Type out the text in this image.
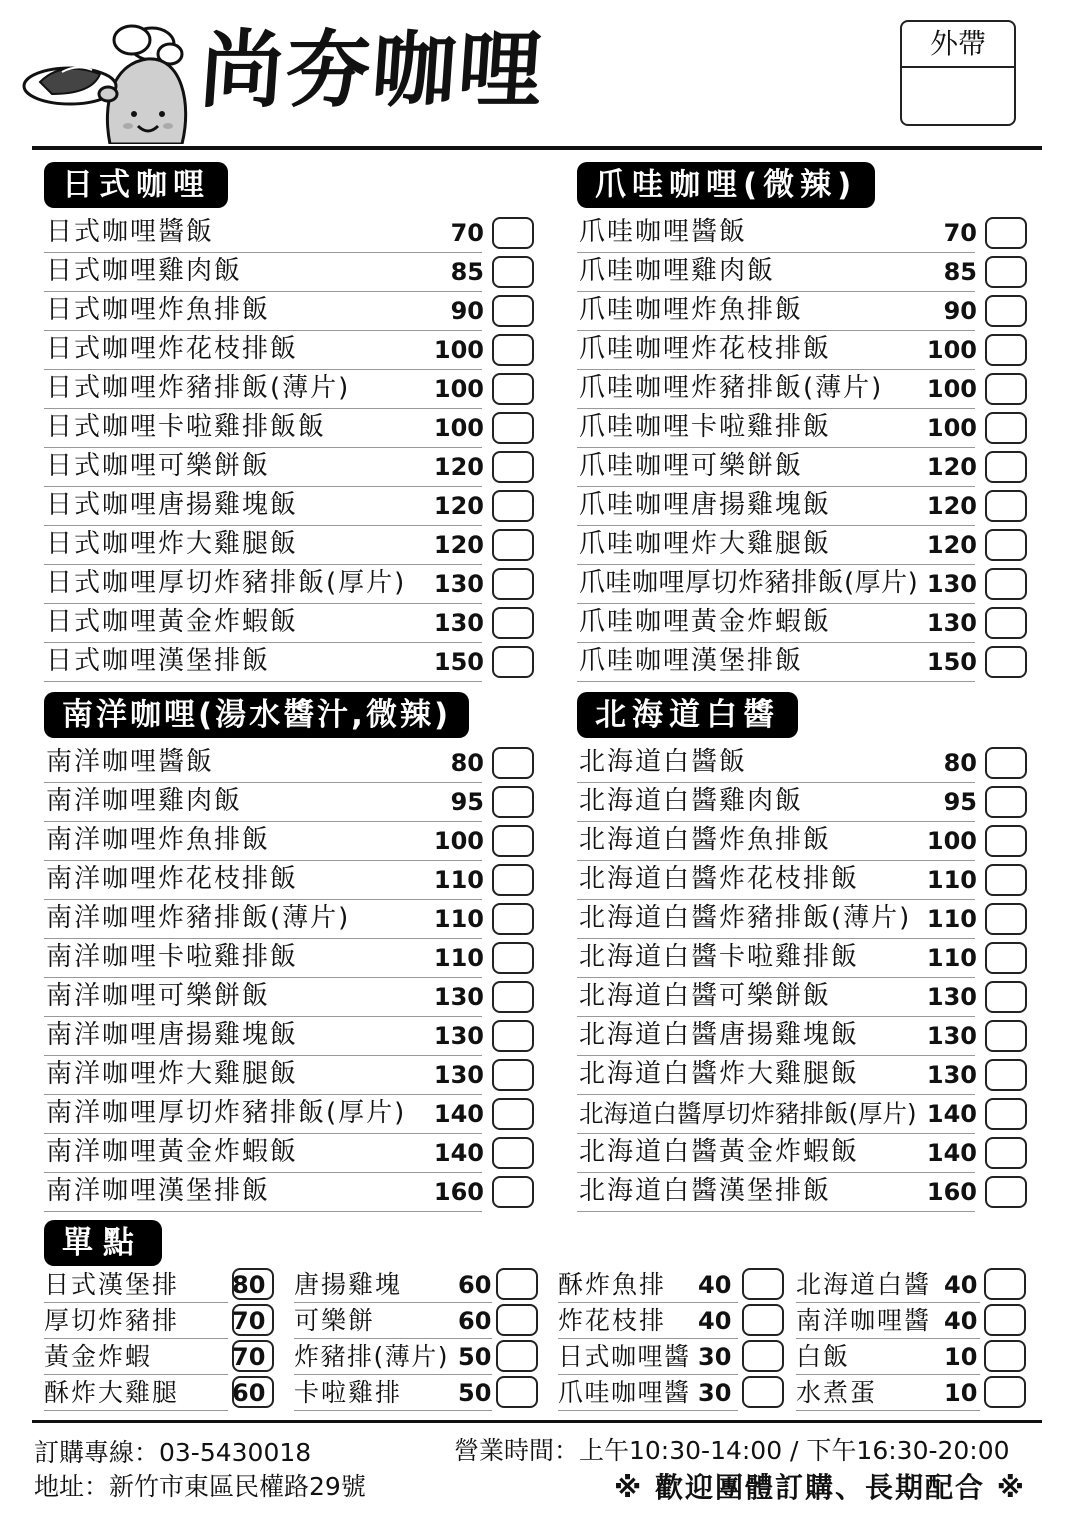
尚夯咖哩	外帶
日式咖哩
日式咖哩醬飯	70
日式咖哩雞肉飯	85
日式咖哩炸魚排飯	90
日式咖哩炸花枝排飯	100
日式咖哩炸豬排飯(薄片)	100
日式咖哩卡啦雞排飯飯	100
日式咖哩可樂餅飯	120
日式咖哩唐揚雞塊飯	120
日式咖哩炸大雞腿飯	120
日式咖哩厚切炸豬排飯(厚片) 130
日式咖哩黃金炸蝦飯	130
日式咖哩漢堡排飯	150
爪哇咖哩(微辣)
爪哇咖哩醬飯	70
爪哇咖哩雞肉飯	85
爪哇咖哩炸魚排飯	90
爪哇咖哩炸花枝排飯	100
爪哇咖哩炸豬排飯(薄片) 100
爪哇咖哩卡啦雞排飯	100
爪哇咖哩可樂餅飯	120
爪哇咖哩唐揚雞塊飯	120
爪哇咖哩炸大雞腿飯	120
爪哇咖哩厚切炸豬排飯(厚片) 130
爪哇咖哩黃金炸蝦飯	130
爪哇咖哩漢堡排飯	150
南洋咖哩(湯水醬汁,微辣)
南洋咖哩醬飯	80
南洋咖哩雞肉飯	95
南洋咖哩炸魚排飯	100
南洋咖哩炸花枝排飯	110
南洋咖哩炸豬排飯(薄片)	110
南洋咖哩卡啦雞排飯	110
南洋咖哩可樂餅飯	130
南洋咖哩唐揚雞塊飯	130
南洋咖哩炸大雞腿飯	130
南洋咖哩厚切炸豬排飯(厚片) 140
南洋咖哩黃金炸蝦飯	140
南洋咖哩漢堡排飯	160
北海道白醬
北海道白醬飯	80
北海道白醬雞肉飯	95
北海道白醬炸魚排飯	100
北海道白醬炸花枝排飯	110
北海道白醬炸豬排飯(薄片) 110
北海道白醬卡啦雞排飯	110
北海道白醬可樂餅飯	130
北海道白醬唐揚雞塊飯	130
北海道白醬炸大雞腿飯	130
北海道白醬厚切炸豬排飯(厚片) 140
北海道白醬黃金炸蝦飯	140
北海道白醬漢堡排飯	160
單點
日式漢堡排 80
厚切炸豬排 70
黃金炸蝦	70
酥炸大雞腿 60
唐揚雞塊 60
可樂餅	60
炸豬排(薄片) 50
卡啦雞排 50
酥炸魚排 40
炸花枝排 40
日式咖哩醬 30
爪哇咖哩醬 30
北海道白醬 40
南洋咖哩醬 40
白飯	10
水煮蛋	10
訂購專線：03-5430018
地址：新竹市東區民權路29號
營業時間：上午10:30-14:00 / 下午16:30-20:00
※ 歡迎團體訂購、長期配合 ※
